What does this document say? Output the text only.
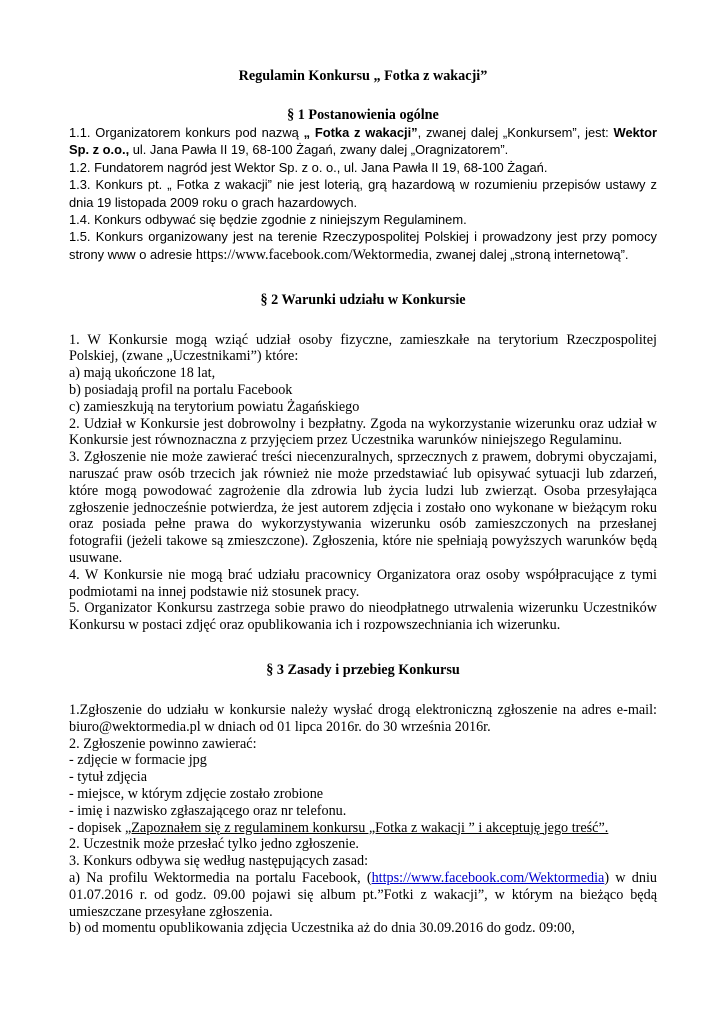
Regulamin Konkursu „ Fotka z wakacji”
§ 1 Postanowienia ogólne

1.1. Organizatorem konkurs pod nazwą „ Fotka z wakacji”, zwanej dalej „Konkursem”, jest: Wektor Sp. z o.o., ul. Jana Pawła II 19, 68-100 Żagań, zwany dalej „Oragnizatorem”.

1.2. Fundatorem nagród jest Wektor Sp. z o. o., ul. Jana Pawła II 19, 68-100 Żagań.

1.3. Konkurs pt. „ Fotka z wakacji” nie jest loterią, grą hazardową w rozumieniu przepisów ustawy z dnia 19 listopada 2009 roku o grach hazardowych.

1.4. Konkurs odbywać się będzie zgodnie z niniejszym Regulaminem.

1.5. Konkurs organizowany jest na terenie Rzeczypospolitej Polskiej i prowadzony jest przy pomocy strony www o adresie https://www.facebook.com/Wektormedia, zwanej dalej „stroną internetową”.

§ 2 Warunki udziału w Konkursie

1. W Konkursie mogą wziąć udział osoby fizyczne, zamieszkałe na terytorium Rzeczpospolitej Polskiej, (zwane „Uczestnikami”) które:

a) mają ukończone 18 lat,

b) posiadają profil na portalu Facebook

c) zamieszkują na terytorium powiatu Żagańskiego

2. Udział w Konkursie jest dobrowolny i bezpłatny. Zgoda na wykorzystanie wizerunku oraz udział w Konkursie jest równoznaczna z przyjęciem przez Uczestnika warunków niniejszego Regulaminu.

3. Zgłoszenie nie może zawierać treści niecenzuralnych, sprzecznych z prawem, dobrymi obyczajami, naruszać praw osób trzecich jak również nie może przedstawiać lub opisywać sytuacji lub zdarzeń, które mogą powodować zagrożenie dla zdrowia lub życia ludzi lub zwierząt. Osoba przesyłająca zgłoszenie jednocześnie potwierdza, że jest autorem zdjęcia i zostało ono wykonane w bieżącym roku oraz posiada pełne prawa do wykorzystywania wizerunku osób zamieszczonych na przesłanej fotografii (jeżeli takowe są zmieszczone). Zgłoszenia, które nie spełniają powyższych warunków będą usuwane.

4. W Konkursie nie mogą brać udziału pracownicy Organizatora oraz osoby współpracujące z tymi podmiotami na innej podstawie niż stosunek pracy.

5. Organizator Konkursu zastrzega sobie prawo do nieodpłatnego utrwalenia wizerunku Uczestników Konkursu w postaci zdjęć oraz opublikowania ich i rozpowszechniania ich wizerunku.

§ 3 Zasady i przebieg Konkursu

1.Zgłoszenie do udziału w konkursie należy wysłać drogą elektroniczną zgłoszenie na adres e-mail: biuro@wektormedia.pl w dniach od 01 lipca 2016r. do 30 września 2016r.

2. Zgłoszenie powinno zawierać:

- zdjęcie w formacie jpg

- tytuł zdjęcia

- miejsce, w którym zdjęcie zostało zrobione

- imię i nazwisko zgłaszającego oraz nr telefonu.

- dopisek „Zapoznałem się z regulaminem konkursu „Fotka z wakacji ” i akceptuję jego treść”.

2. Uczestnik może przesłać tylko jedno zgłoszenie.

3. Konkurs odbywa się według następujących zasad:

a) Na profilu Wektormedia na portalu Facebook, (https://www.facebook.com/Wektormedia) w dniu 01.07.2016 r. od godz. 09.00 pojawi się album pt.”Fotki z wakacji”, w którym na bieżąco będą umieszczane przesyłane zgłoszenia.

b) od momentu opublikowania zdjęcia Uczestnika aż do dnia 30.09.2016 do godz. 09:00,
